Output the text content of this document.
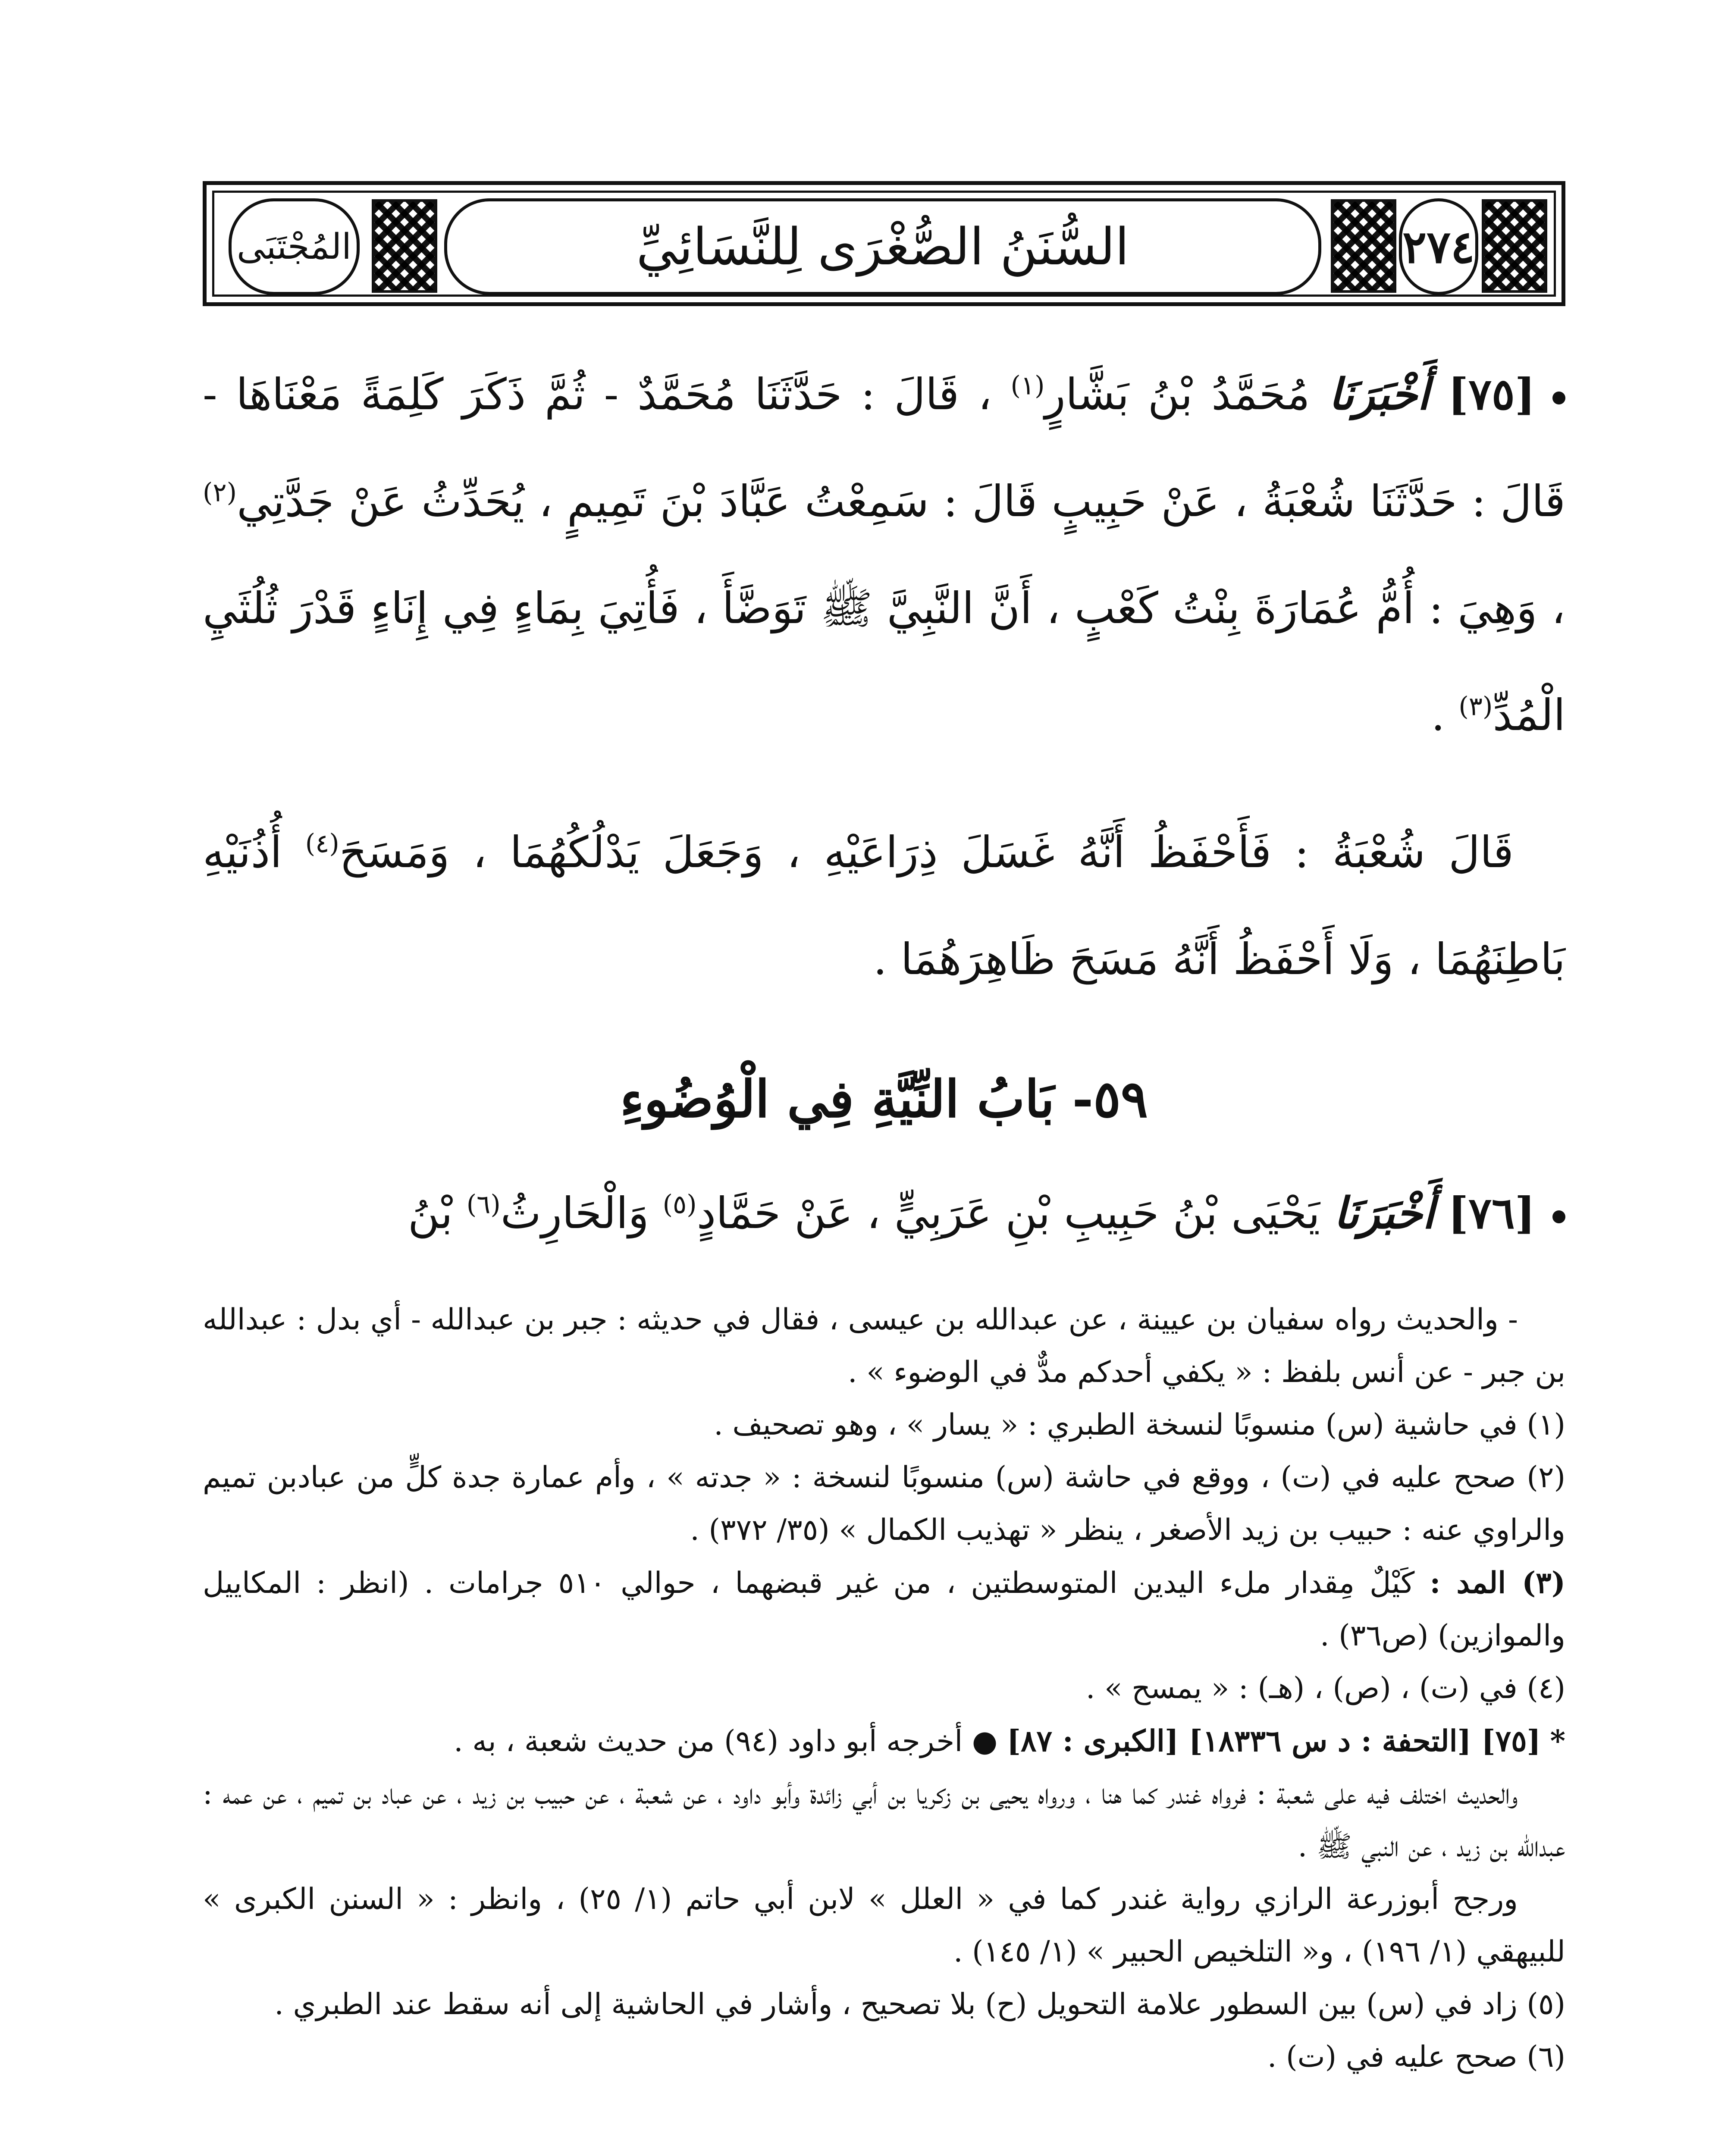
المُجْتَبَى	السُّنَنُ الصُّغْرَى لِلنَّسَائِيِّ	٢٧٤

[٧٥] أَخْبَرَنَا مُحَمَّدُ بْنُ بَشَّارٍ$^{(١)}$ ، قَالَ : حَدَّثَنَا مُحَمَّدٌ - ثُمَّ ذَكَرَ كَلِمَةً مَعْنَاهَا - قَالَ : حَدَّثَنَا شُعْبَةُ ، عَنْ حَبِيبٍ قَالَ : سَمِعْتُ عَبَّادَ بْنَ تَمِيمٍ ، يُحَدِّثُ عَنْ جَدَّتِي$^{(٢)}$ ، وَهِيَ : أُمُّ عُمَارَةَ بِنْتُ كَعْبٍ ، أَنَّ النَّبِيَّ ﷺ تَوَضَّأَ ، فَأُتِيَ بِمَاءٍ فِي إِنَاءٍ قَدْرَ ثُلُثَيِ الْمُدِّ$^{(٣)}$ .

قَالَ شُعْبَةُ : فَأَحْفَظُ أَنَّهُ غَسَلَ ذِرَاعَيْهِ ، وَجَعَلَ يَدْلُكُهُمَا ، وَمَسَحَ$^{(٤)}$ أُذُنَيْهِ بَاطِنَهُمَا ، وَلَا أَحْفَظُ أَنَّهُ مَسَحَ ظَاهِرَهُمَا .

٥٩- بَابُ النِّيَّةِ فِي الْوُضُوءِ

[٧٦] أَخْبَرَنَا يَحْيَى بْنُ حَبِيبِ بْنِ عَرَبِيٍّ ، عَنْ حَمَّادٍ$^{(٥)}$ وَالْحَارِثُ$^{(٦)}$ بْنُ

- والحديث رواه سفيان بن عيينة ، عن عبدالله بن عيسى ، فقال في حديثه : جبر بن عبدالله - أي بدل : عبدالله بن جبر - عن أنس بلفظ : « يكفي أحدكم مدٌّ في الوضوء » .

(١) في حاشية (س) منسوبًا لنسخة الطبري : « يسار » ، وهو تصحيف .

(٢) صحح عليه في (ت) ، ووقع في حاشة (س) منسوبًا لنسخة : « جدته » ، وأم عمارة جدة كلٍّ من عبادبن تميم والراوي عنه : حبيب بن زيد الأصغر ، ينظر « تهذيب الكمال » (٣٥/ ٣٧٢) .

(٣) المد : كَيْلٌ مِقدار ملء اليدين المتوسطتين ، من غير قبضهما ، حوالي ٥١٠ جرامات . (انظر : المكاييل والموازين) (ص٣٦) .

(٤) في (ت) ، (ص) ، (هـ) : « يمسح » .

* [٧٥] [التحفة : د س ١٨٣٣٦] [الكبرى : ٨٧] ● أخرجه أبو داود (٩٤) من حديث شعبة ، به .

والحديث اختلف فيه على شعبة : فرواه غندر كما هنا ، ورواه يحيى بن زكريا بن أبي زائدة وأبو داود ، عن شعبة ، عن حبيب بن زيد ، عن عباد بن تميم ، عن عمه : عبدالله بن زيد ، عن النبي ﷺ .

ورجح أبوزرعة الرازي رواية غندر كما في « العلل » لابن أبي حاتم (١/ ٢٥) ، وانظر : « السنن الكبرى » للبيهقي (١/ ١٩٦) ، و« التلخيص الحبير » (١/ ١٤٥) .

(٥) زاد في (س) بين السطور علامة التحويل (ح) بلا تصحيح ، وأشار في الحاشية إلى أنه سقط عند الطبري .

(٦) صحح عليه في (ت) .
